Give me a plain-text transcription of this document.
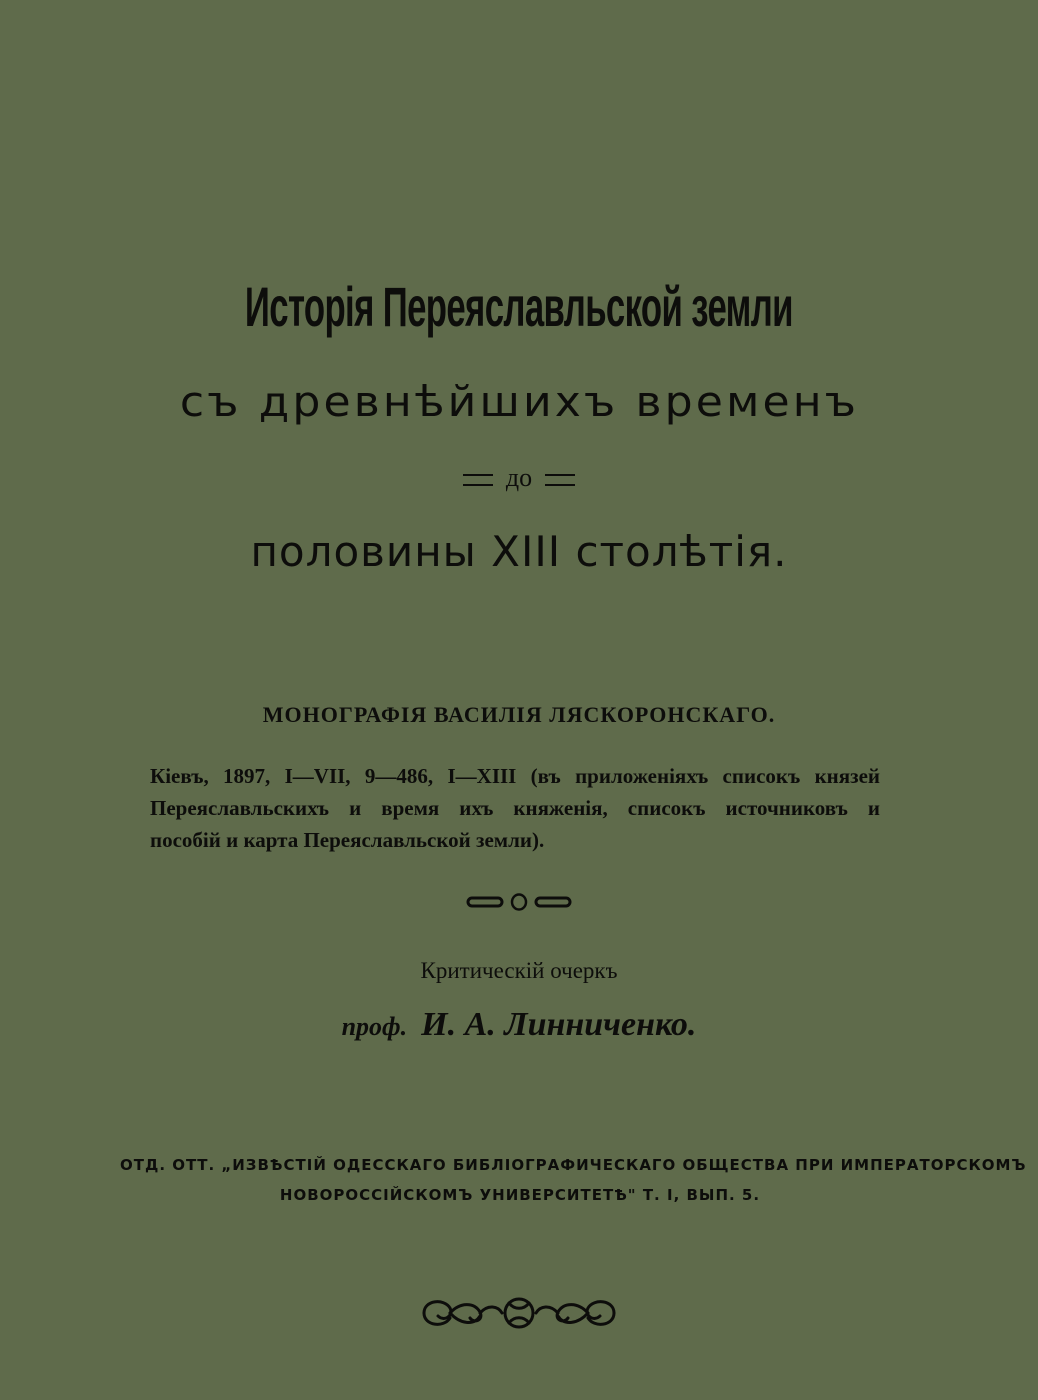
Исторія Переяславльской земли
съ древнѣйшихъ временъ
до
половины XIII столѣтія.
МОНОГРАФІЯ ВАСИЛІЯ ЛЯСКОРОНСКАГО.
Кіевъ, 1897, I—VII, 9—486, I—XIII (въ приложеніяхъ списокъ князей
Переяславльскихъ и время ихъ княженія, списокъ источниковъ и
пособій и карта Переяславльской земли).
Критическій очеркъ
проф. И. А. Линниченко.
ОТД. ОТТ. „ИЗВѢСТІЙ ОДЕССКАГО БИБЛІОГРАФИЧЕСКАГО ОБЩЕСТВА ПРИ ИМПЕРАТОРСКОМЪ
НОВОРОССІЙСКОМЪ УНИВЕРСИТЕТѢ" Т. I, ВЫП. 5.
